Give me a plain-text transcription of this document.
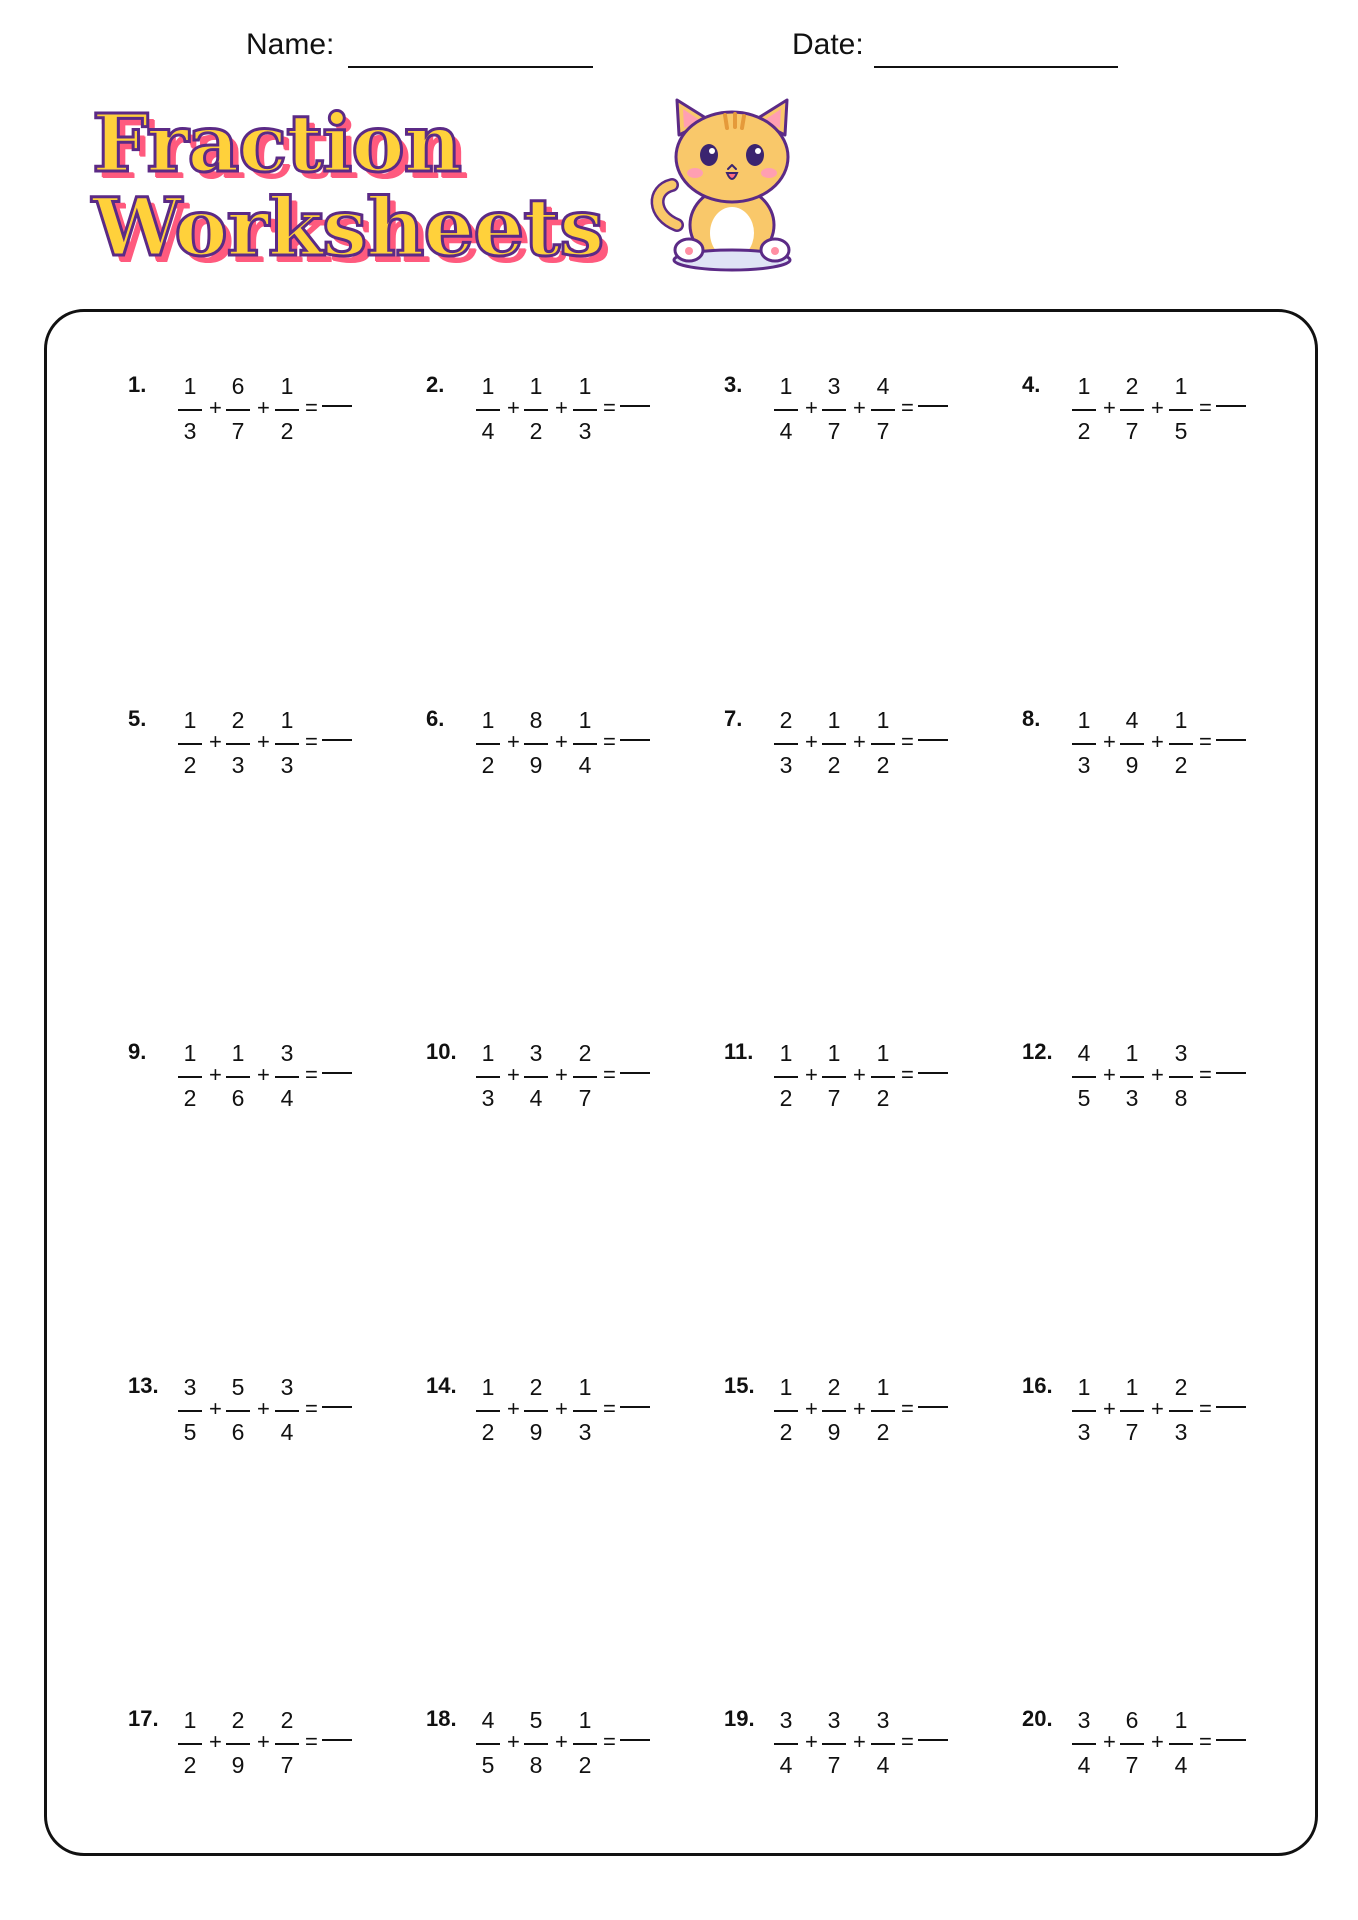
Name:	Date:
Fraction
Worksheets
1. 1
3
+
6
7
+
1
2
=
2. 1
4
+
1
2
+
1
3
=
3. 1
4
+
3
7
+
4
7
=
4. 1
2
+
2
7
+
1
5
=
5. 1
2
+
2
3
+
1
3
=
6. 1
2
+
8
9
+
1
4
=
7. 2
3
+
1
2
+
1
2
=
8. 1
3
+
4
9
+
1
2
=
9. 1
2
+
1
6
+
3
4
=
10. 1
3
+
3
4
+
2
7
=
11. 1
2
+
1
7
+
1
2
=
12. 4
5
+
1
3
+
3
8
=
13. 3
5
+
5
6
+
3
4
=
14. 1
2
+
2
9
+
1
3
=
15. 1
2
+
2
9
+
1
2
=
16. 1
3
+
1
7
+
2
3
=
17. 1
2
+
2
9
+
2
7
=
18. 4
5
+
5
8
+
1
2
=
19. 3
4
+
3
7
+
3
4
=
20. 3
4
+
6
7
+
1
4
=
